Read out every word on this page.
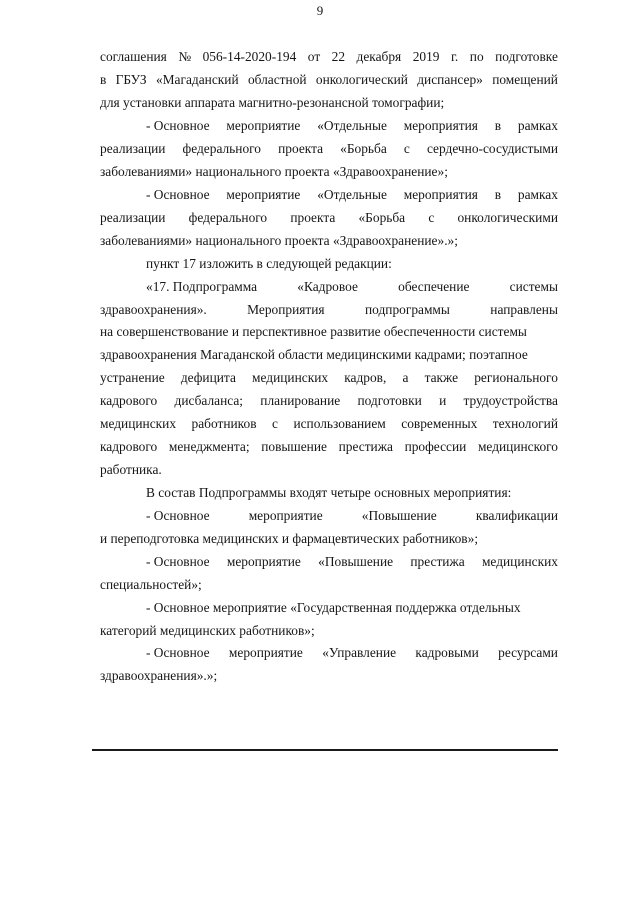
9

соглашения № 056-14-2020-194 от 22 декабря 2019 г. по подготовке

в ГБУЗ «Магаданский областной онкологический диспансер» помещений

для установки аппарата магнитно-резонансной томографии;

- Основное мероприятие «Отдельные мероприятия в рамках

реализации федерального проекта «Борьба с сердечно-сосудистыми

заболеваниями» национального проекта «Здравоохранение»;

- Основное мероприятие «Отдельные мероприятия в рамках

реализации федерального проекта «Борьба с онкологическими

заболеваниями» национального проекта «Здравоохранение».»;

пункт 17 изложить в следующей редакции:

«17. Подпрограмма	«Кадровое	обеспечение	системы

здравоохранения».	Мероприятия	подпрограммы	направлены

на совершенствование и перспективное развитие обеспеченности системы

здравоохранения Магаданской области медицинскими кадрами; поэтапное

устранение дефицита медицинских кадров, а также регионального

кадрового дисбаланса; планирование подготовки и трудоустройства

медицинских работников с использованием современных технологий

кадрового менеджмента; повышение престижа профессии медицинского

работника.

В состав Подпрограммы входят четыре основных мероприятия:

- Основное	мероприятие	«Повышение	квалификации

и переподготовка медицинских и фармацевтических работников»;

- Основное мероприятие «Повышение престижа медицинских

специальностей»;

- Основное мероприятие «Государственная поддержка отдельных

категорий медицинских работников»;

- Основное мероприятие «Управление кадровыми ресурсами

здравоохранения».»;
